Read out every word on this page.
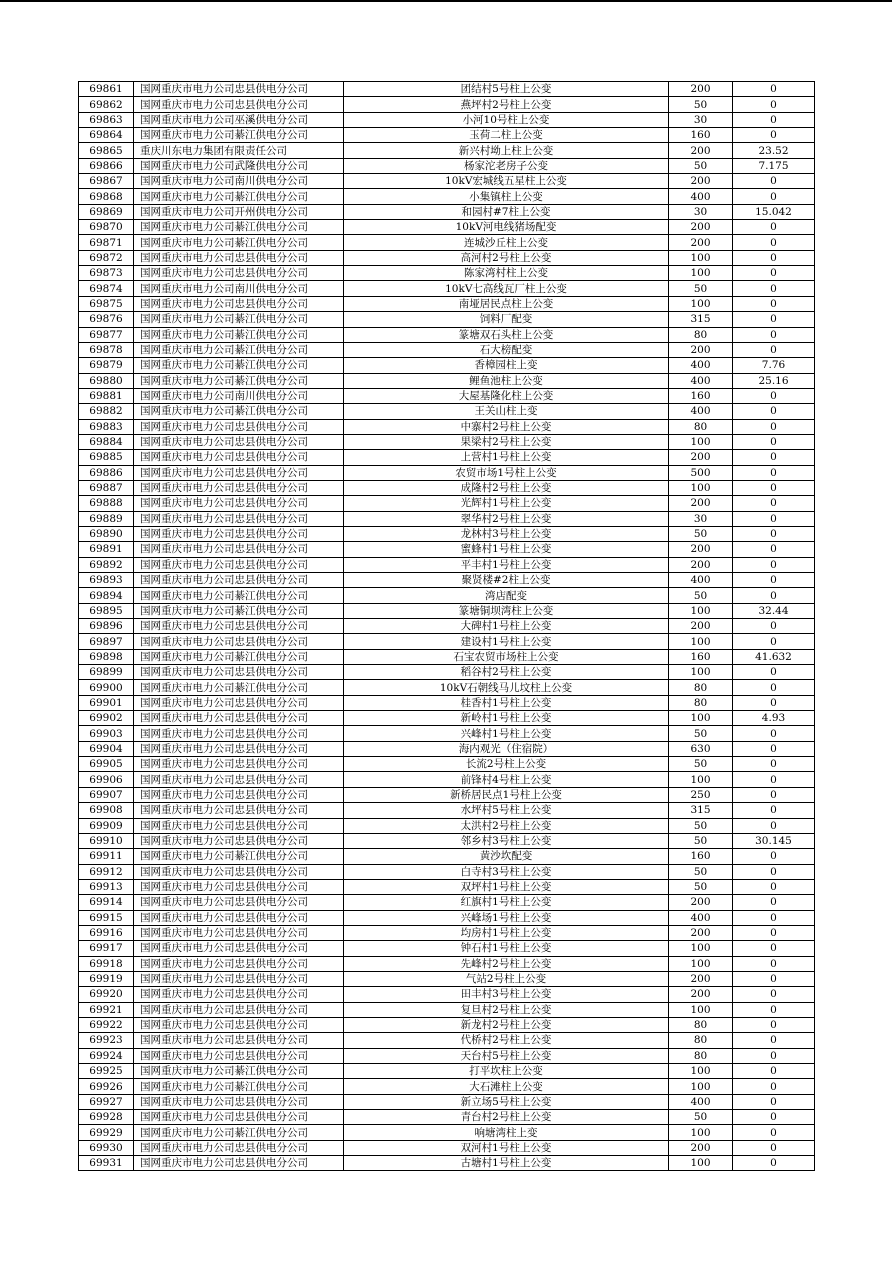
69861	国网重庆市电力公司忠县供电分公司	团结村5号柱上公变	200	0
69862	国网重庆市电力公司忠县供电分公司	燕坪村2号柱上公变	50	0
69863	国网重庆市电力公司巫溪供电分公司	小河10号柱上公变	30	0
69864	国网重庆市电力公司綦江供电分公司	玉荷二柱上公变	160	0
69865	重庆川东电力集团有限责任公司	新兴村坳上柱上公变	200	23.52
69866	国网重庆市电力公司武隆供电分公司	杨家沱老房子公变	50	7.175
69867	国网重庆市电力公司南川供电分公司	10kV宏城线五星柱上公变	200	0
69868	国网重庆市电力公司綦江供电分公司	小集镇柱上公变	400	0
69869	国网重庆市电力公司开州供电分公司	和园村#7柱上公变	30	15.042
69870	国网重庆市电力公司綦江供电分公司	10kV河电线猪场配变	200	0
69871	国网重庆市电力公司綦江供电分公司	连城沙丘柱上公变	200	0
69872	国网重庆市电力公司忠县供电分公司	高河村2号柱上公变	100	0
69873	国网重庆市电力公司忠县供电分公司	陈家湾村柱上公变	100	0
69874	国网重庆市电力公司南川供电分公司	10kV七高线瓦厂柱上公变	50	0
69875	国网重庆市电力公司忠县供电分公司	南垭居民点柱上公变	100	0
69876	国网重庆市电力公司綦江供电分公司	饲料厂配变	315	0
69877	国网重庆市电力公司綦江供电分公司	篆塘双石头柱上公变	80	0
69878	国网重庆市电力公司綦江供电分公司	石大榜配变	200	0
69879	国网重庆市电力公司綦江供电分公司	香樟园柱上变	400	7.76
69880	国网重庆市电力公司綦江供电分公司	鲤鱼池柱上公变	400	25.16
69881	国网重庆市电力公司南川供电分公司	大屋基隆化柱上公变	160	0
69882	国网重庆市电力公司綦江供电分公司	王关山柱上变	400	0
69883	国网重庆市电力公司忠县供电分公司	中寨村2号柱上公变	80	0
69884	国网重庆市电力公司忠县供电分公司	果梁村2号柱上公变	100	0
69885	国网重庆市电力公司忠县供电分公司	上营村1号柱上公变	200	0
69886	国网重庆市电力公司忠县供电分公司	农贸市场1号柱上公变	500	0
69887	国网重庆市电力公司忠县供电分公司	成隆村2号柱上公变	100	0
69888	国网重庆市电力公司忠县供电分公司	光辉村1号柱上公变	200	0
69889	国网重庆市电力公司忠县供电分公司	翠华村2号柱上公变	30	0
69890	国网重庆市电力公司忠县供电分公司	龙林村3号柱上公变	50	0
69891	国网重庆市电力公司忠县供电分公司	蜜蜂村1号柱上公变	200	0
69892	国网重庆市电力公司忠县供电分公司	平丰村1号柱上公变	200	0
69893	国网重庆市电力公司忠县供电分公司	聚贤楼#2柱上公变	400	0
69894	国网重庆市电力公司綦江供电分公司	湾店配变	50	0
69895	国网重庆市电力公司綦江供电分公司	篆塘铜坝湾柱上公变	100	32.44
69896	国网重庆市电力公司忠县供电分公司	大碑村1号柱上公变	200	0
69897	国网重庆市电力公司忠县供电分公司	建设村1号柱上公变	100	0
69898	国网重庆市电力公司綦江供电分公司	石宝农贸市场柱上公变	160	41.632
69899	国网重庆市电力公司忠县供电分公司	稻谷村2号柱上公变	100	0
69900	国网重庆市电力公司綦江供电分公司	10kV石朝线马儿坟柱上公变	80	0
69901	国网重庆市电力公司忠县供电分公司	桂香村1号柱上公变	80	0
69902	国网重庆市电力公司忠县供电分公司	新岭村1号柱上公变	100	4.93
69903	国网重庆市电力公司忠县供电分公司	兴峰村1号柱上公变	50	0
69904	国网重庆市电力公司忠县供电分公司	海内观光（住宿院）	630	0
69905	国网重庆市电力公司忠县供电分公司	长流2号柱上公变	50	0
69906	国网重庆市电力公司忠县供电分公司	前锋村4号柱上公变	100	0
69907	国网重庆市电力公司忠县供电分公司	新桥居民点1号柱上公变	250	0
69908	国网重庆市电力公司忠县供电分公司	水坪村5号柱上公变	315	0
69909	国网重庆市电力公司忠县供电分公司	太洪村2号柱上公变	50	0
69910	国网重庆市电力公司忠县供电分公司	邻乡村3号柱上公变	50	30.145
69911	国网重庆市电力公司綦江供电分公司	黄沙坎配变	160	0
69912	国网重庆市电力公司忠县供电分公司	白寺村3号柱上公变	50	0
69913	国网重庆市电力公司忠县供电分公司	双坪村1号柱上公变	50	0
69914	国网重庆市电力公司忠县供电分公司	红旗村1号柱上公变	200	0
69915	国网重庆市电力公司忠县供电分公司	兴峰场1号柱上公变	400	0
69916	国网重庆市电力公司忠县供电分公司	均房村1号柱上公变	200	0
69917	国网重庆市电力公司忠县供电分公司	钟石村1号柱上公变	100	0
69918	国网重庆市电力公司忠县供电分公司	先峰村2号柱上公变	100	0
69919	国网重庆市电力公司忠县供电分公司	气站2号柱上公变	200	0
69920	国网重庆市电力公司忠县供电分公司	田丰村3号柱上公变	200	0
69921	国网重庆市电力公司忠县供电分公司	复旦村2号柱上公变	100	0
69922	国网重庆市电力公司忠县供电分公司	新龙村2号柱上公变	80	0
69923	国网重庆市电力公司忠县供电分公司	代桥村2号柱上公变	80	0
69924	国网重庆市电力公司忠县供电分公司	天台村5号柱上公变	80	0
69925	国网重庆市电力公司綦江供电分公司	打平坎柱上公变	100	0
69926	国网重庆市电力公司綦江供电分公司	大石滩柱上公变	100	0
69927	国网重庆市电力公司忠县供电分公司	新立场5号柱上公变	400	0
69928	国网重庆市电力公司忠县供电分公司	青台村2号柱上公变	50	0
69929	国网重庆市电力公司綦江供电分公司	响塘湾柱上变	100	0
69930	国网重庆市电力公司忠县供电分公司	双河村1号柱上公变	200	0
69931	国网重庆市电力公司忠县供电分公司	古塘村1号柱上公变	100	0
